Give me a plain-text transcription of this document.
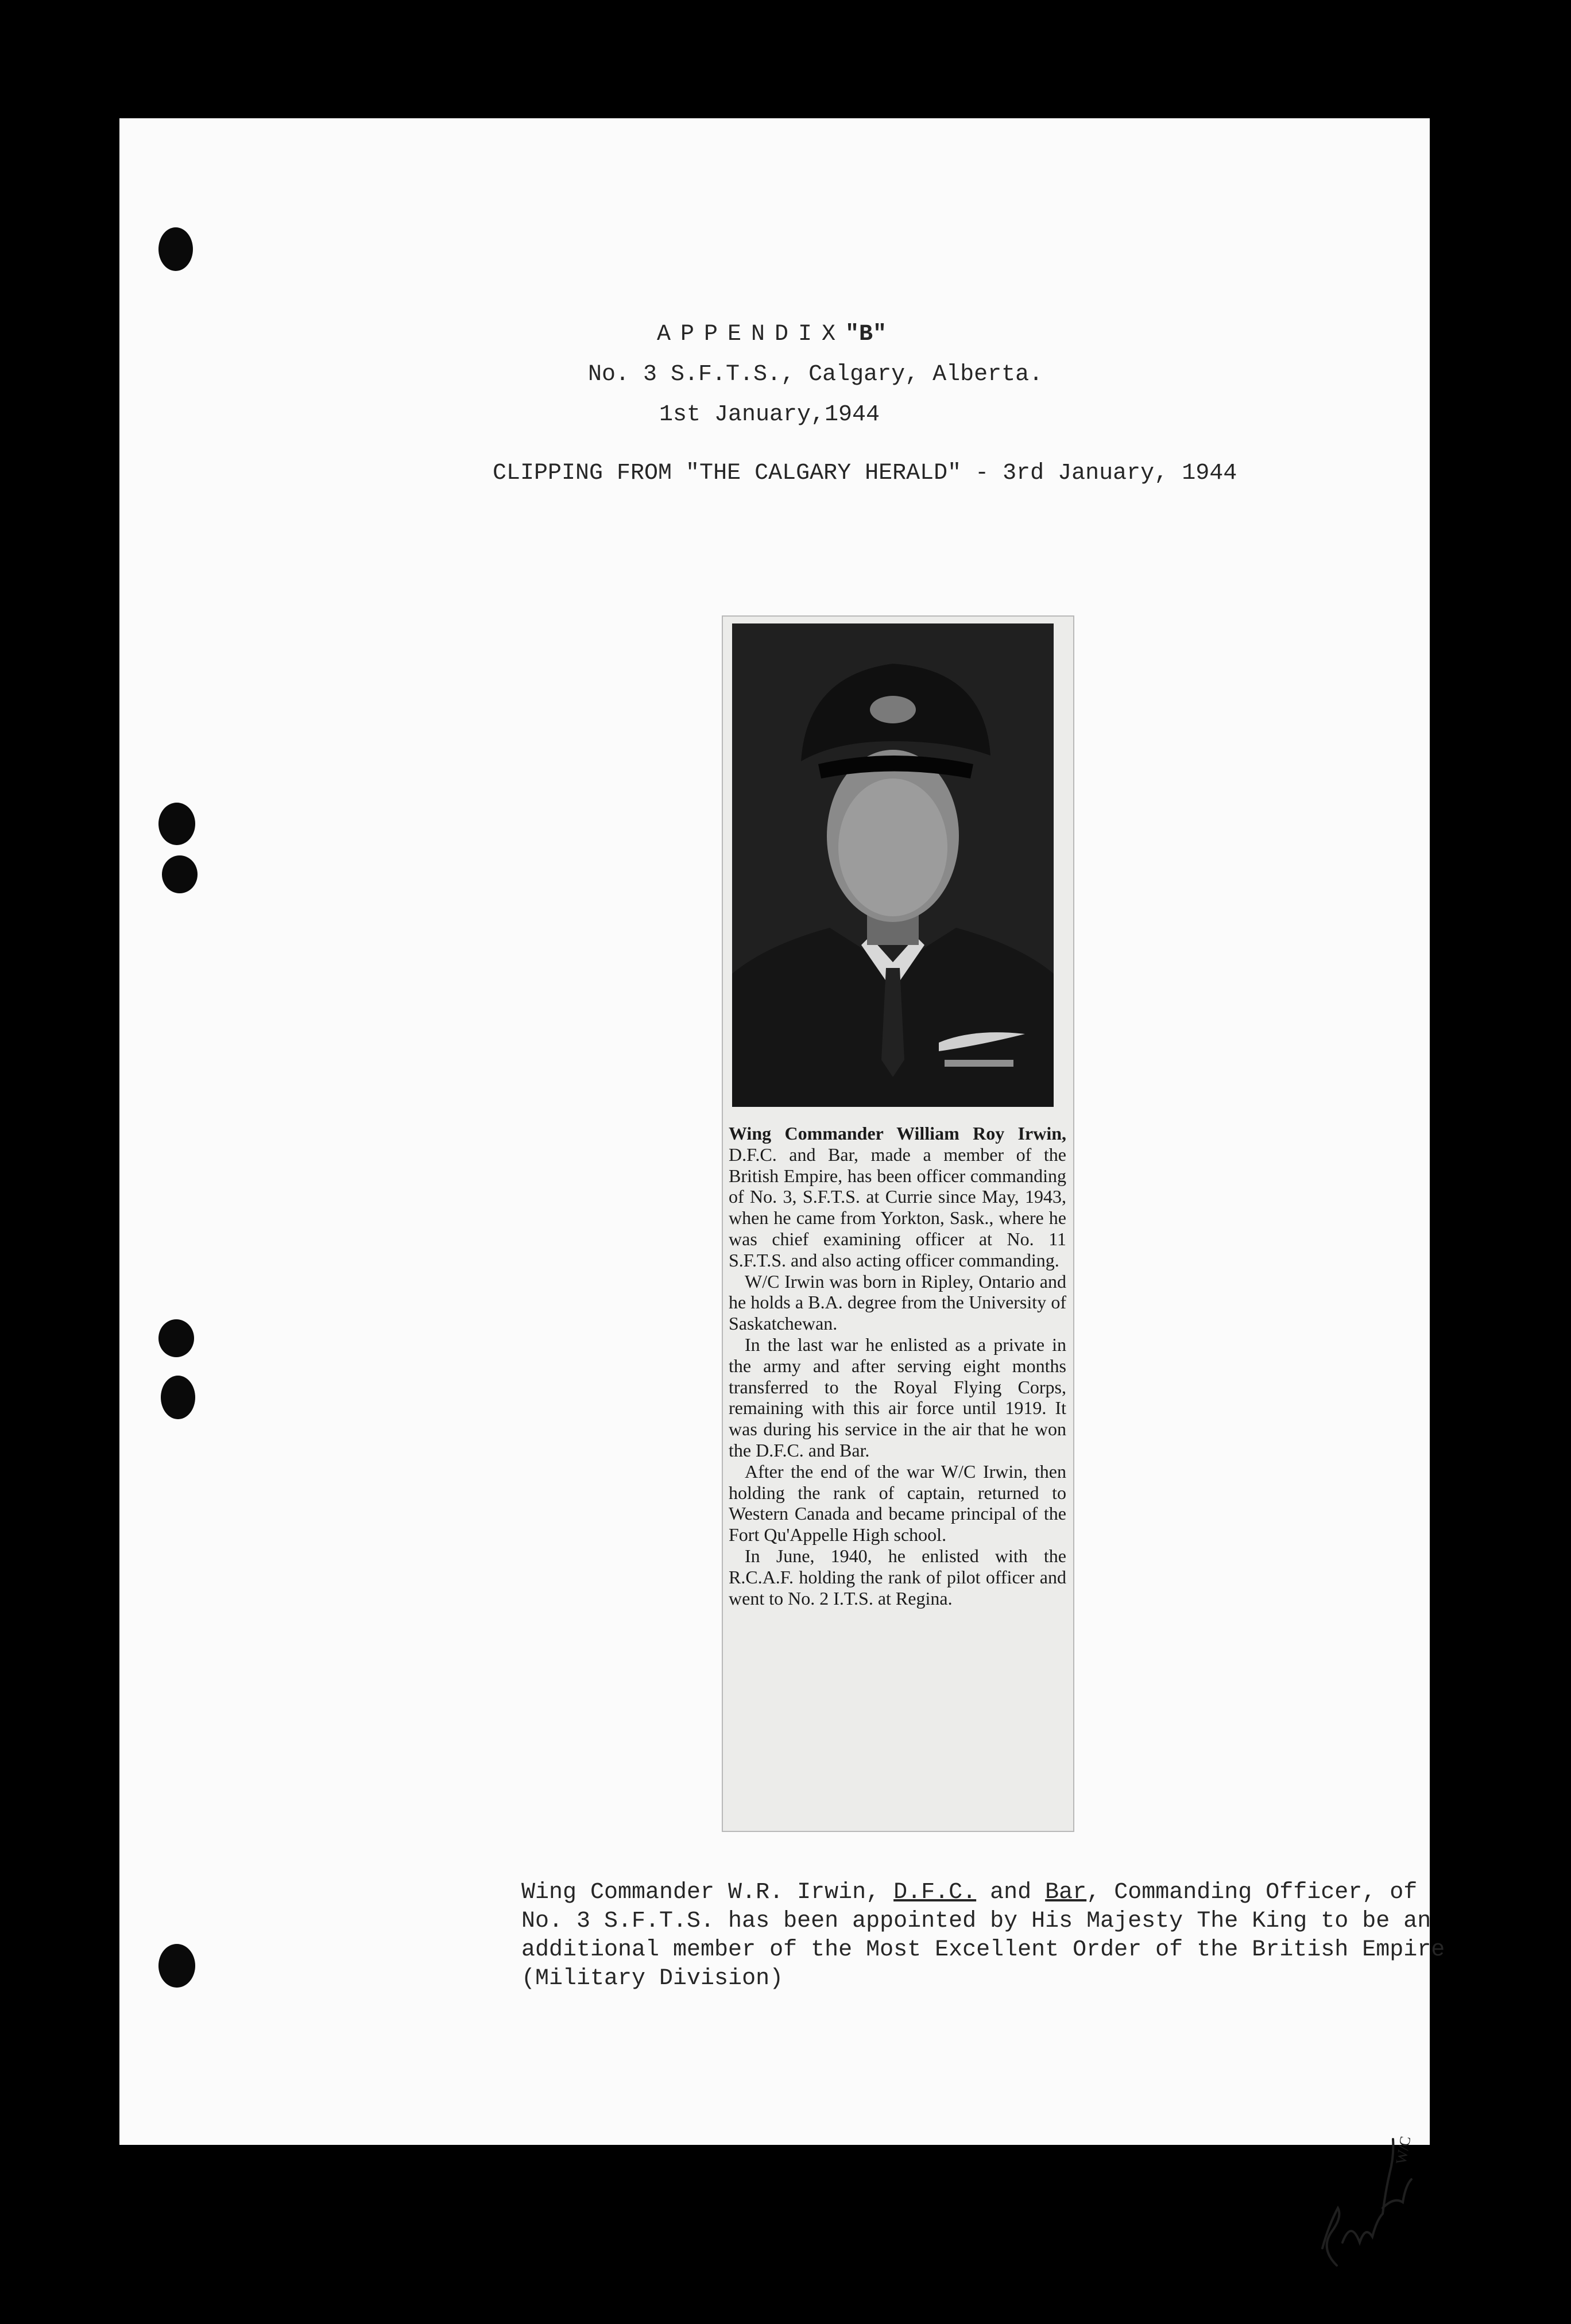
APPENDIX"B"
No. 3 S.F.T.S., Calgary, Alberta.
1st January,1944
CLIPPING FROM "THE CALGARY HERALD" - 3rd January, 1944

Wing Commander William Roy Irwin, D.F.C. and Bar, made a member of the British Empire, has been officer commanding of No. 3, S.F.T.S. at Currie since May, 1943, when he came from Yorkton, Sask., where he was chief examining officer at No. 11 S.F.T.S. and also acting officer commanding.

W/C Irwin was born in Ripley, Ontario and he holds a B.A. degree from the University of Saskatchewan.

In the last war he enlisted as a private in the army and after serving eight months transferred to the Royal Flying Corps, remaining with this air force until 1919. It was during his service in the air that he won the D.F.C. and Bar.

After the end of the war W/C Irwin, then holding the rank of captain, returned to Western Canada and became principal of the Fort Qu'Appelle High school.

In June, 1940, he enlisted with the R.C.A.F. holding the rank of pilot officer and went to No. 2 I.T.S. at Regina.

Wing Commander W.R. Irwin, D.F.C. and Bar, Commanding Officer, of
No. 3 S.F.T.S. has been appointed by His Majesty The King to be an
additional member of the Most Excellent Order of the British Empire
(Military Division)
W/C
